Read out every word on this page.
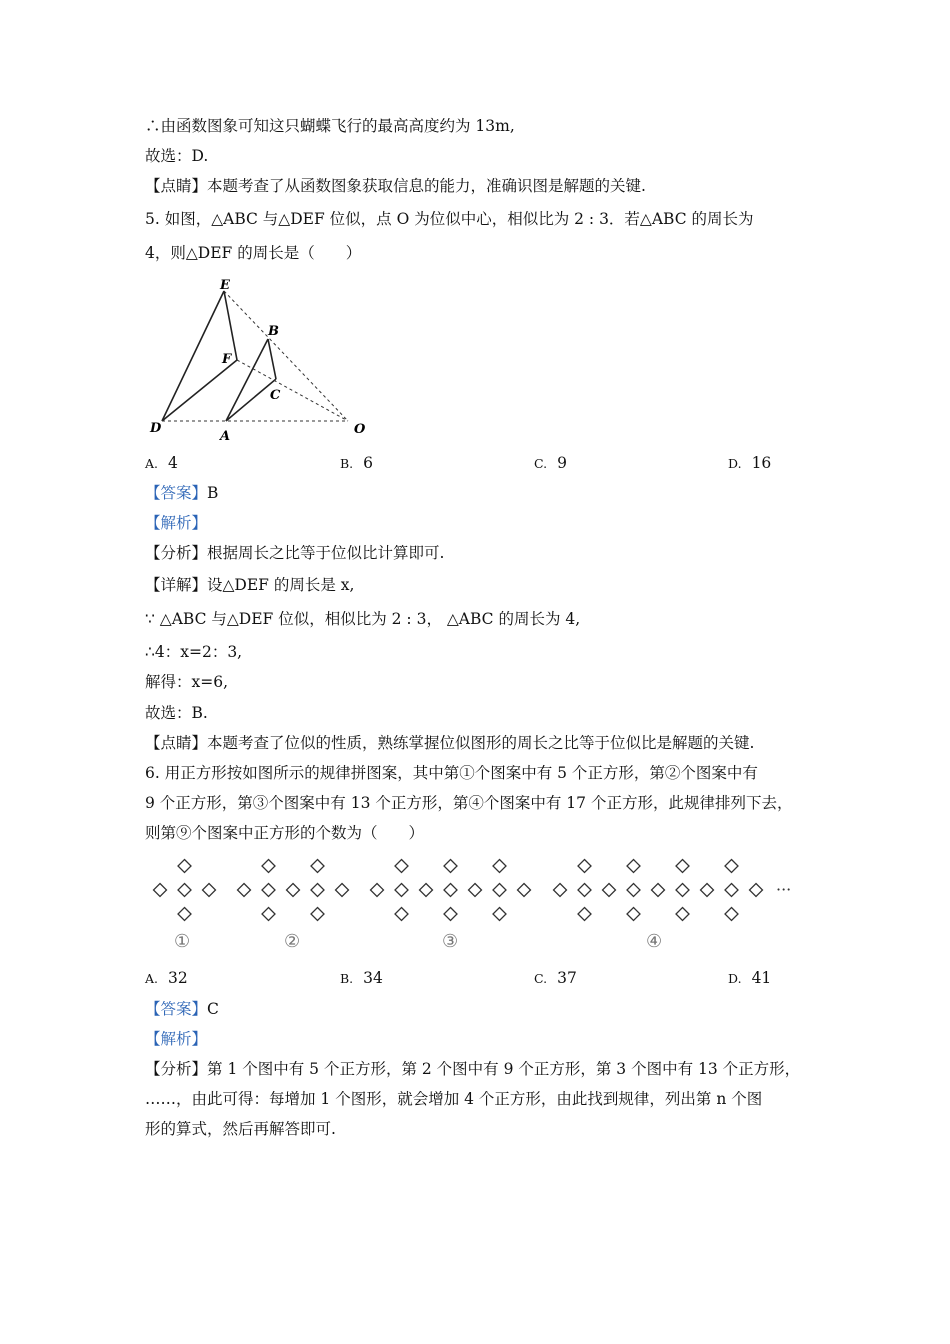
∴由函数图象可知这只蝴蝶飞行的最高高度约为 13m,
故选：D.
【点睛】本题考查了从函数图象获取信息的能力，准确识图是解题的关键.
5. 如图，△ABC 与△DEF 位似，点 O 为位似中心，相似比为 2 : 3．若△ABC 的周长为
4，则△DEF 的周长是（　　）
E
B
F
C
D
A	O
A. 4	B. 6	C. 9	D. 16
【答案】B
【解析】
【分析】根据周长之比等于位似比计算即可.
【详解】设△DEF 的周长是 x,
∵ △ABC 与△DEF 位似，相似比为 2 : 3， △ABC 的周长为 4,
∴4：x=2：3,
解得：x=6,
故选：B.
【点睛】本题考查了位似的性质，熟练掌握位似图形的周长之比等于位似比是解题的关键.
6. 用正方形按如图所示的规律拼图案，其中第①个图案中有 5 个正方形，第②个图案中有
9 个正方形，第③个图案中有 13 个正方形，第④个图案中有 17 个正方形，此规律排列下去，
则第⑨个图案中正方形的个数为（　　）
①	②	③	④
···
A. 32	B. 34	C. 37	D. 41
【答案】C
【解析】
【分析】第 1 个图中有 5 个正方形，第 2 个图中有 9 个正方形，第 3 个图中有 13 个正方形，
……，由此可得：每增加 1 个图形，就会增加 4 个正方形，由此找到规律，列出第 n 个图
形的算式，然后再解答即可.
